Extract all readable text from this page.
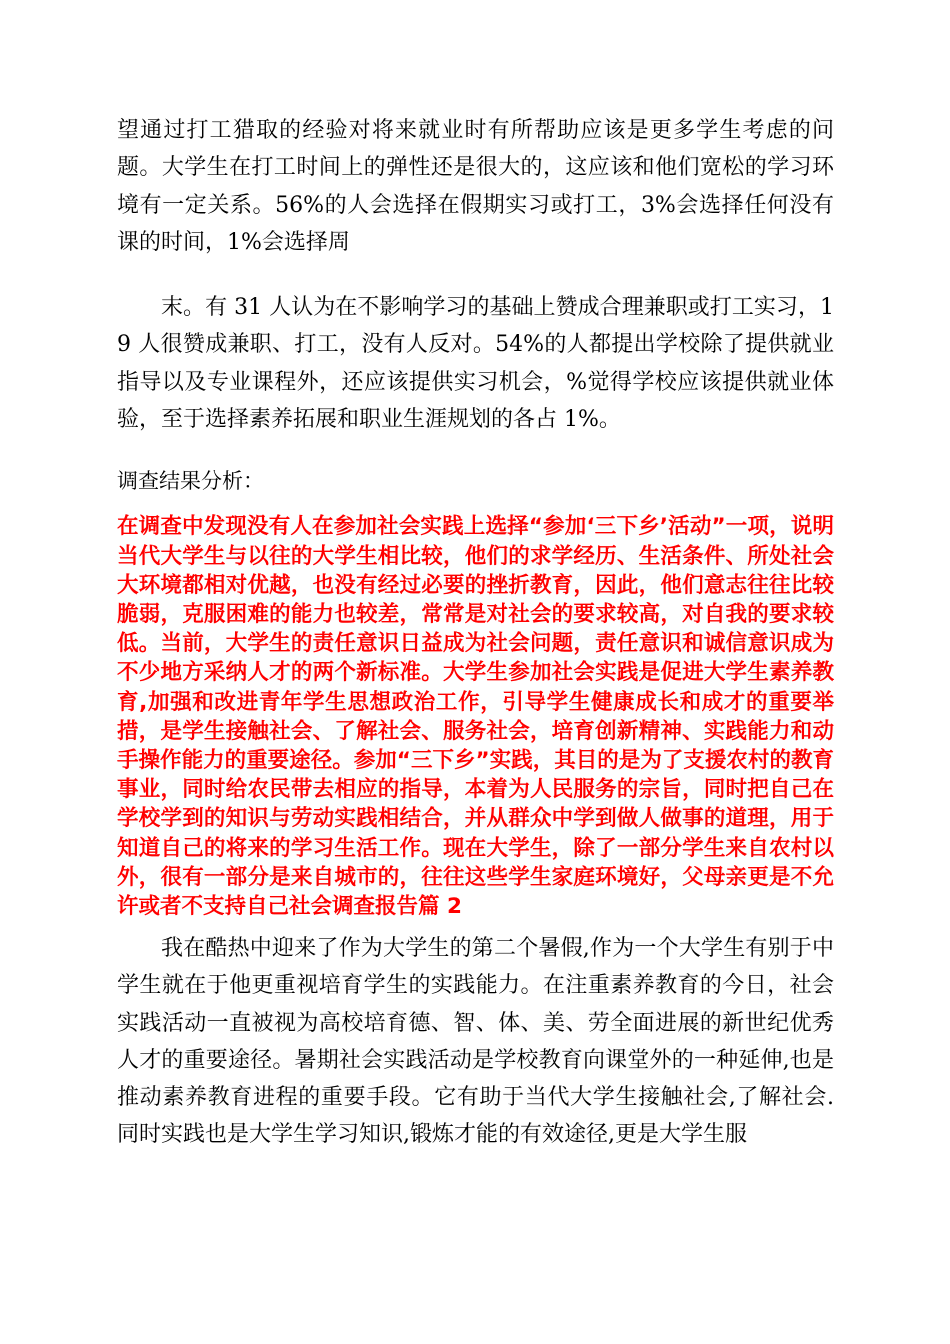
望通过打工猎取的经验对将来就业时有所帮助应该是更多学生考虑的问题。大学生在打工时间上的弹性还是很大的，这应该和他们宽松的学习环境有一定关系。56%的人会选择在假期实习或打工，3%会选择任何没有课的时间，1%会选择周

末。有 31 人认为在不影响学习的基础上赞成合理兼职或打工实习，19 人很赞成兼职、打工，没有人反对。54%的人都提出学校除了提供就业指导以及专业课程外，还应该提供实习机会，%觉得学校应该提供就业体验，至于选择素养拓展和职业生涯规划的各占 1%。

调查结果分析：

在调查中发现没有人在参加社会实践上选择“参加‘三下乡’活动”一项，说明当代大学生与以往的大学生相比较，他们的求学经历、生活条件、所处社会大环境都相对优越，也没有经过必要的挫折教育，因此，他们意志往往比较脆弱，克服困难的能力也较差，常常是对社会的要求较高，对自我的要求较低。当前，大学生的责任意识日益成为社会问题，责任意识和诚信意识成为不少地方采纳人才的两个新标准。大学生参加社会实践是促进大学生素养教育,加强和改进青年学生思想政治工作，引导学生健康成长和成才的重要举措，是学生接触社会、了解社会、服务社会，培育创新精神、实践能力和动手操作能力的重要途径。参加“三下乡”实践，其目的是为了支援农村的教育事业，同时给农民带去相应的指导，本着为人民服务的宗旨，同时把自己在学校学到的知识与劳动实践相结合，并从群众中学到做人做事的道理，用于知道自己的将来的学习生活工作。现在大学生，除了一部分学生来自农村以外，很有一部分是来自城市的，往往这些学生家庭环境好，父母亲更是不允许或者不支持自己社会调查报告篇 2

我在酷热中迎来了作为大学生的第二个暑假,作为一个大学生有别于中学生就在于他更重视培育学生的实践能力。在注重素养教育的今日，社会实践活动一直被视为高校培育德、智、体、美、劳全面进展的新世纪优秀人才的重要途径。暑期社会实践活动是学校教育向课堂外的一种延伸,也是推动素养教育进程的重要手段。它有助于当代大学生接触社会,了解社会.同时实践也是大学生学习知识,锻炼才能的有效途径,更是大学生服
